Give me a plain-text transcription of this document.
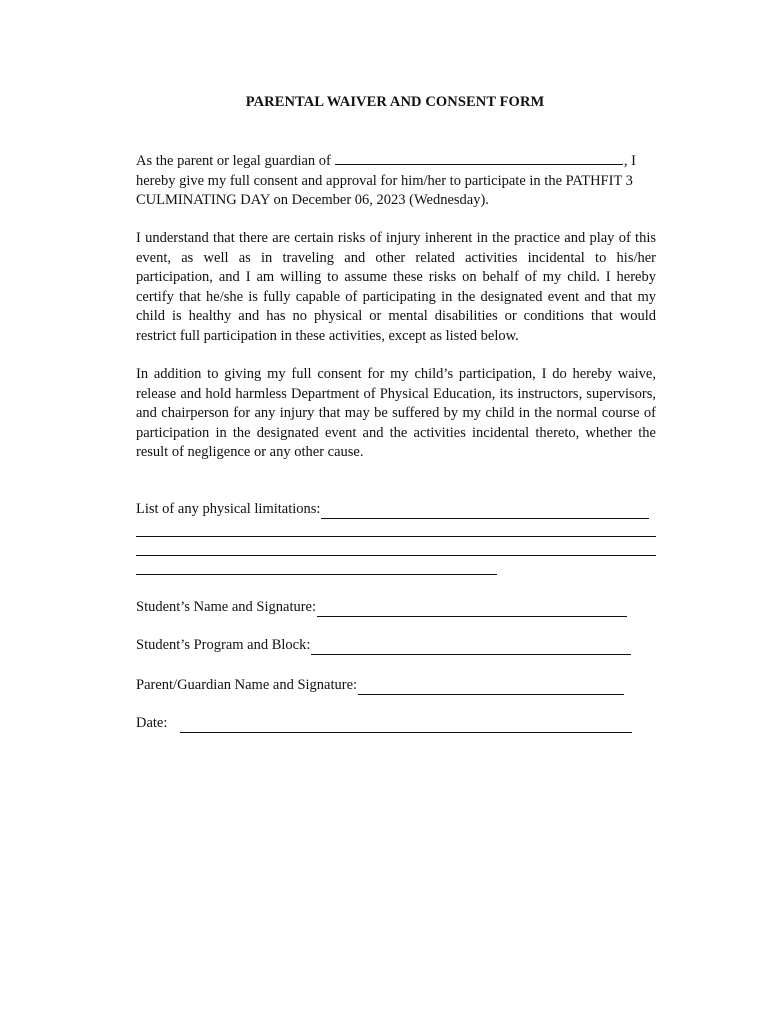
PARENTAL WAIVER AND CONSENT FORM

As the parent or legal guardian of	, I hereby give my full consent and approval for him/her to participate in the PATHFIT 3 CULMINATING DAY on December 06, 2023 (Wednesday).

I understand that there are certain risks of injury inherent in the practice and play of this event, as well as in traveling and other related activities incidental to his/her participation, and I am willing to assume these risks on behalf of my child. I hereby certify that he/she is fully capable of participating in the designated event and that my child is healthy and has no physical or mental disabilities or conditions that would restrict full participation in these activities, except as listed below.

In addition to giving my full consent for my child’s participation, I do hereby waive, release and hold harmless Department of Physical Education, its instructors, supervisors, and chairperson for any injury that may be suffered by my child in the normal course of participation in the designated event and the activities incidental thereto, whether the result of negligence or any other cause.

List of any physical limitations:
Student’s Name and Signature:
Student’s Program and Block:
Parent/Guardian Name and Signature:
Date:
